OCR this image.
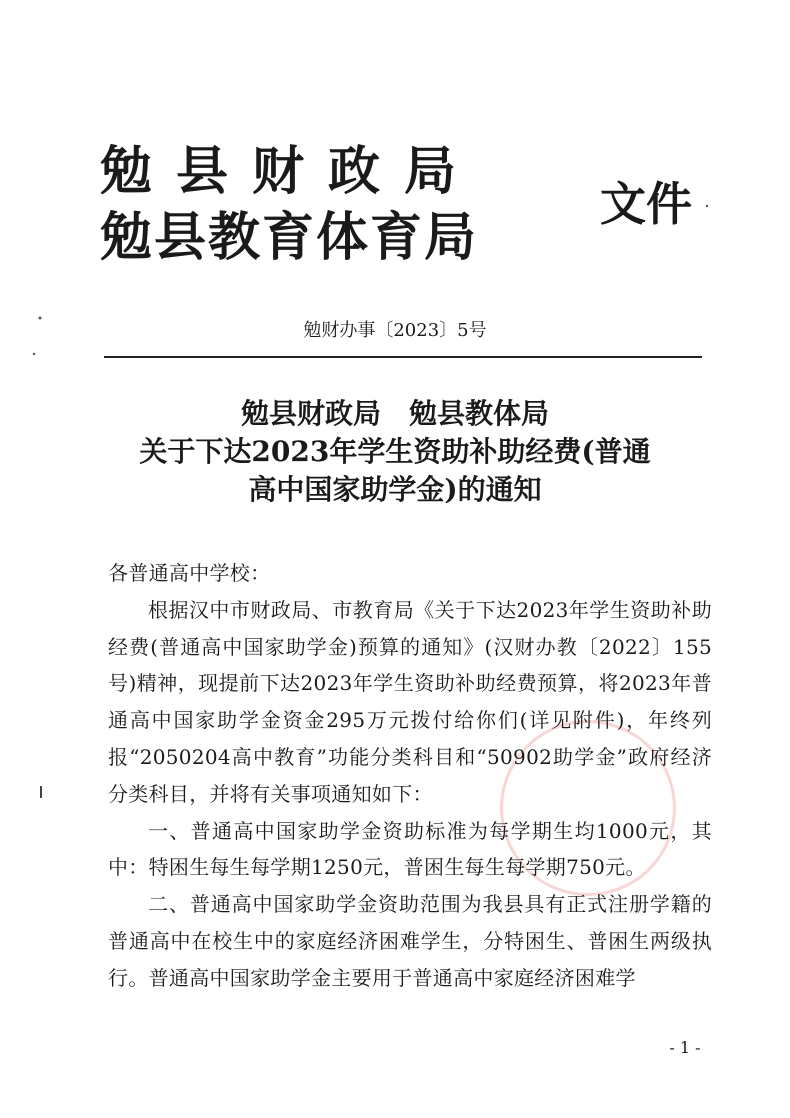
勉县财政局
勉县教育体育局
文件
勉财办事〔2023〕5号
勉县财政局　勉县教体局
关于下达2023年学生资助补助经费(普通
高中国家助学金)的通知

各普通高中学校：

根据汉中市财政局、市教育局《关于下达2023年学生资助补助经费(普通高中国家助学金)预算的通知》(汉财办教〔2022〕155号)精神，现提前下达2023年学生资助补助经费预算，将2023年普通高中国家助学金资金295万元拨付给你们(详见附件)，年终列报“2050204高中教育”功能分类科目和“50902助学金”政府经济分类科目，并将有关事项通知如下：

一、普通高中国家助学金资助标准为每学期生均1000元，其中：特困生每生每学期1250元，普困生每生每学期750元。

二、普通高中国家助学金资助范围为我县具有正式注册学籍的普通高中在校生中的家庭经济困难学生，分特困生、普困生两级执行。普通高中国家助学金主要用于普通高中家庭经济困难学

- 1 -
